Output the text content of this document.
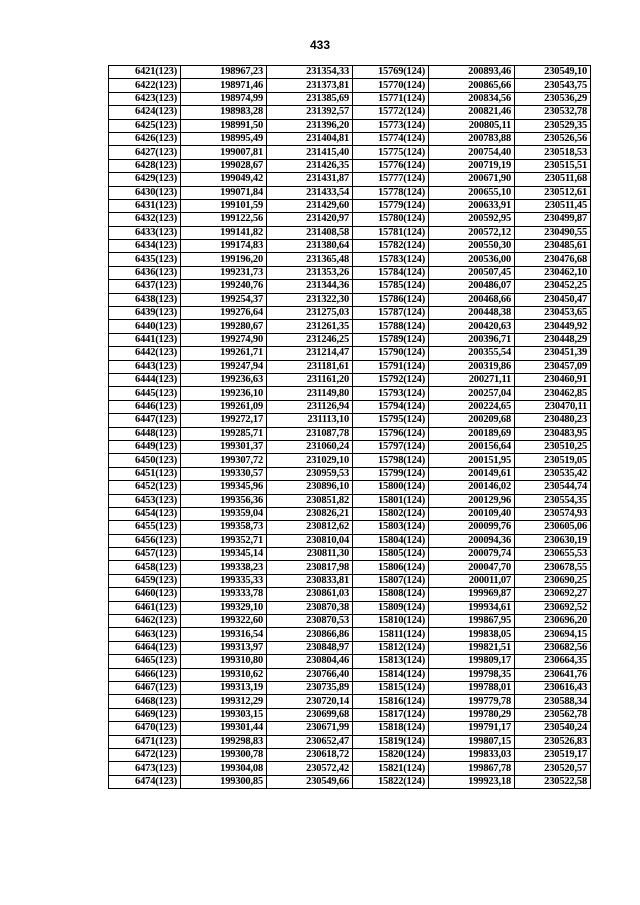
433
6421(123)	198967,23	231354,33	15769(124)	200893,46	230549,10
6422(123)	198971,46	231373,81	15770(124)	200865,66	230543,75
6423(123)	198974,99	231385,69	15771(124)	200834,56	230536,29
6424(123)	198983,28	231392,57	15772(124)	200821,46	230532,78
6425(123)	198991,50	231396,20	15773(124)	200805,11	230529,35
6426(123)	198995,49	231404,81	15774(124)	200783,88	230526,56
6427(123)	199007,81	231415,40	15775(124)	200754,40	230518,53
6428(123)	199028,67	231426,35	15776(124)	200719,19	230515,51
6429(123)	199049,42	231431,87	15777(124)	200671,90	230511,68
6430(123)	199071,84	231433,54	15778(124)	200655,10	230512,61
6431(123)	199101,59	231429,60	15779(124)	200633,91	230511,45
6432(123)	199122,56	231420,97	15780(124)	200592,95	230499,87
6433(123)	199141,82	231408,58	15781(124)	200572,12	230490,55
6434(123)	199174,83	231380,64	15782(124)	200550,30	230485,61
6435(123)	199196,20	231365,48	15783(124)	200536,00	230476,68
6436(123)	199231,73	231353,26	15784(124)	200507,45	230462,10
6437(123)	199240,76	231344,36	15785(124)	200486,07	230452,25
6438(123)	199254,37	231322,30	15786(124)	200468,66	230450,47
6439(123)	199276,64	231275,03	15787(124)	200448,38	230453,65
6440(123)	199280,67	231261,35	15788(124)	200420,63	230449,92
6441(123)	199274,90	231246,25	15789(124)	200396,71	230448,29
6442(123)	199261,71	231214,47	15790(124)	200355,54	230451,39
6443(123)	199247,94	231181,61	15791(124)	200319,86	230457,09
6444(123)	199236,63	231161,20	15792(124)	200271,11	230460,91
6445(123)	199236,10	231149,80	15793(124)	200257,04	230462,85
6446(123)	199261,09	231126,94	15794(124)	200224,65	230470,11
6447(123)	199272,17	231113,10	15795(124)	200209,68	230480,23
6448(123)	199285,71	231087,78	15796(124)	200189,69	230483,95
6449(123)	199301,37	231060,24	15797(124)	200156,64	230510,25
6450(123)	199307,72	231029,10	15798(124)	200151,95	230519,05
6451(123)	199330,57	230959,53	15799(124)	200149,61	230535,42
6452(123)	199345,96	230896,10	15800(124)	200146,02	230544,74
6453(123)	199356,36	230851,82	15801(124)	200129,96	230554,35
6454(123)	199359,04	230826,21	15802(124)	200109,40	230574,93
6455(123)	199358,73	230812,62	15803(124)	200099,76	230605,06
6456(123)	199352,71	230810,04	15804(124)	200094,36	230630,19
6457(123)	199345,14	230811,30	15805(124)	200079,74	230655,53
6458(123)	199338,23	230817,98	15806(124)	200047,70	230678,55
6459(123)	199335,33	230833,81	15807(124)	200011,07	230690,25
6460(123)	199333,78	230861,03	15808(124)	199969,87	230692,27
6461(123)	199329,10	230870,38	15809(124)	199934,61	230692,52
6462(123)	199322,60	230870,53	15810(124)	199867,95	230696,20
6463(123)	199316,54	230866,86	15811(124)	199838,05	230694,15
6464(123)	199313,97	230848,97	15812(124)	199821,51	230682,56
6465(123)	199310,80	230804,46	15813(124)	199809,17	230664,35
6466(123)	199310,62	230766,40	15814(124)	199798,35	230641,76
6467(123)	199313,19	230735,89	15815(124)	199788,01	230616,43
6468(123)	199312,29	230720,14	15816(124)	199779,78	230588,34
6469(123)	199303,15	230699,68	15817(124)	199780,29	230562,78
6470(123)	199301,44	230671,99	15818(124)	199791,17	230540,24
6471(123)	199298,83	230652,47	15819(124)	199807,15	230526,83
6472(123)	199300,78	230618,72	15820(124)	199833,03	230519,17
6473(123)	199304,08	230572,42	15821(124)	199867,78	230520,57
6474(123)	199300,85	230549,66	15822(124)	199923,18	230522,58
